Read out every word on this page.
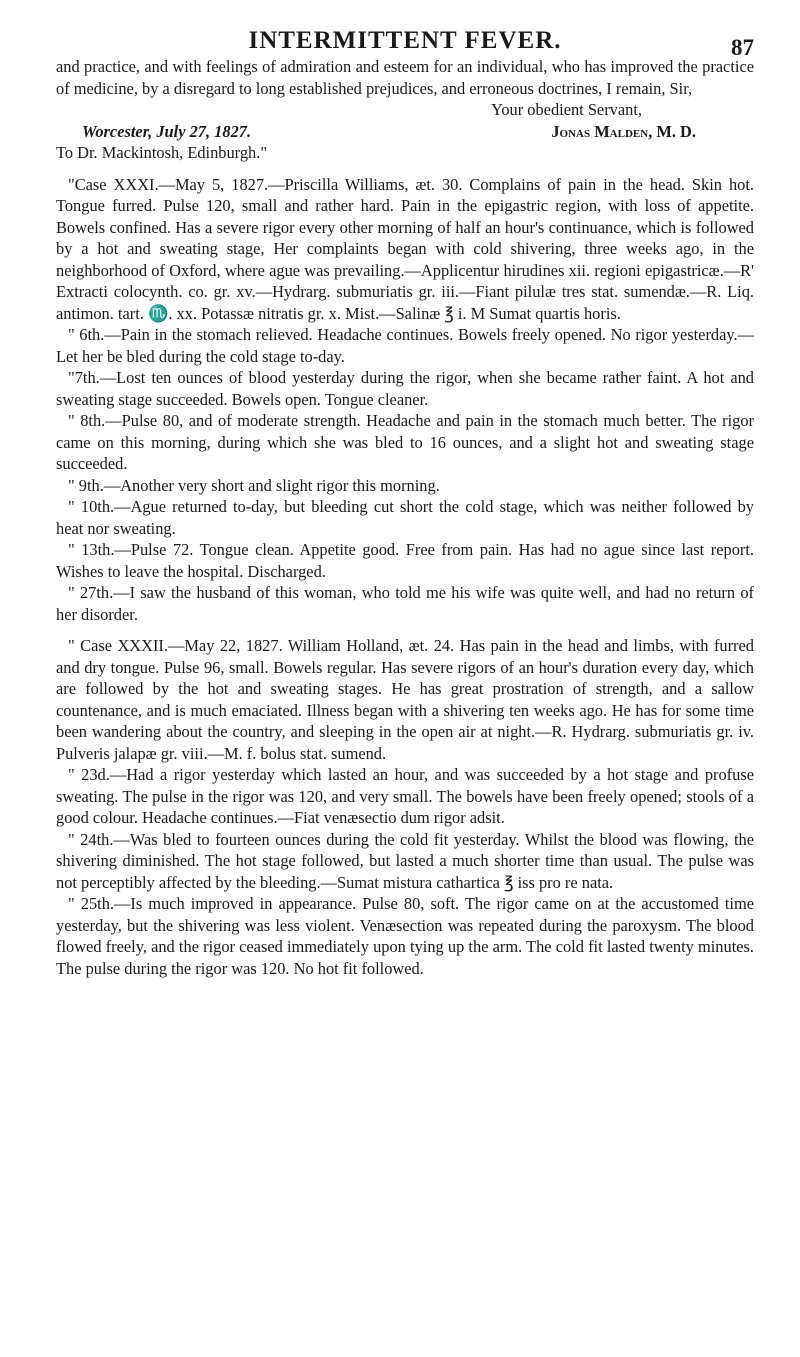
INTERMITTENT FEVER.	87

and practice, and with feelings of admiration and esteem for an individual, who has improved the practice of medicine, by a disregard to long established prejudices, and erroneous doctrines, I remain, Sir,

Your obedient Servant,

Worcester, July 27, 1827.	Jonas Malden, M. D.

To Dr. Mackintosh, Edinburgh."

"Case XXXI.—May 5, 1827.—Priscilla Williams, æt. 30. Complains of pain in the head. Skin hot. Tongue furred. Pulse 120, small and rather hard. Pain in the epigastric region, with loss of appetite. Bowels confined. Has a severe rigor every other morning of half an hour's continuance, which is followed by a hot and sweating stage, Her complaints began with cold shivering, three weeks ago, in the neighborhood of Oxford, where ague was prevailing.—Applicentur hirudines xii. regioni epigastricæ.—R' Extracti colocynth. co. gr. xv.—Hydrarg. submuriatis gr. iii.—Fiant pilulæ tres stat. sumendæ.—R. Liq. antimon. tart. ♏. xx. Potassæ nitratis gr. x. Mist.—Salinæ ℥ i. M Sumat quartis horis.

" 6th.—Pain in the stomach relieved. Headache continues. Bowels freely opened. No rigor yesterday.—Let her be bled during the cold stage to-day.

"7th.—Lost ten ounces of blood yesterday during the rigor, when she became rather faint. A hot and sweating stage succeeded. Bowels open. Tongue cleaner.

" 8th.—Pulse 80, and of moderate strength. Headache and pain in the stomach much better. The rigor came on this morning, during which she was bled to 16 ounces, and a slight hot and sweating stage succeeded.

" 9th.—Another very short and slight rigor this morning.

" 10th.—Ague returned to-day, but bleeding cut short the cold stage, which was neither followed by heat nor sweating.

" 13th.—Pulse 72. Tongue clean. Appetite good. Free from pain. Has had no ague since last report. Wishes to leave the hospital. Discharged.

" 27th.—I saw the husband of this woman, who told me his wife was quite well, and had no return of her disorder.

" Case XXXII.—May 22, 1827. William Holland, æt. 24. Has pain in the head and limbs, with furred and dry tongue. Pulse 96, small. Bowels regular. Has severe rigors of an hour's duration every day, which are followed by the hot and sweating stages. He has great prostration of strength, and a sallow countenance, and is much emaciated. Illness began with a shivering ten weeks ago. He has for some time been wandering about the country, and sleeping in the open air at night.—R. Hydrarg. submuriatis gr. iv. Pulveris jalapæ gr. viii.—M. f. bolus stat. sumend.

" 23d.—Had a rigor yesterday which lasted an hour, and was succeeded by a hot stage and profuse sweating. The pulse in the rigor was 120, and very small. The bowels have been freely opened; stools of a good colour. Headache continues.—Fiat venæsectio dum rigor adsit.

" 24th.—Was bled to fourteen ounces during the cold fit yesterday. Whilst the blood was flowing, the shivering diminished. The hot stage followed, but lasted a much shorter time than usual. The pulse was not perceptibly affected by the bleeding.—Sumat mistura cathartica ℥ iss pro re nata.

" 25th.—Is much improved in appearance. Pulse 80, soft. The rigor came on at the accustomed time yesterday, but the shivering was less violent. Venæsection was repeated during the paroxysm. The blood flowed freely, and the rigor ceased immediately upon tying up the arm. The cold fit lasted twenty minutes. The pulse during the rigor was 120. No hot fit followed.
